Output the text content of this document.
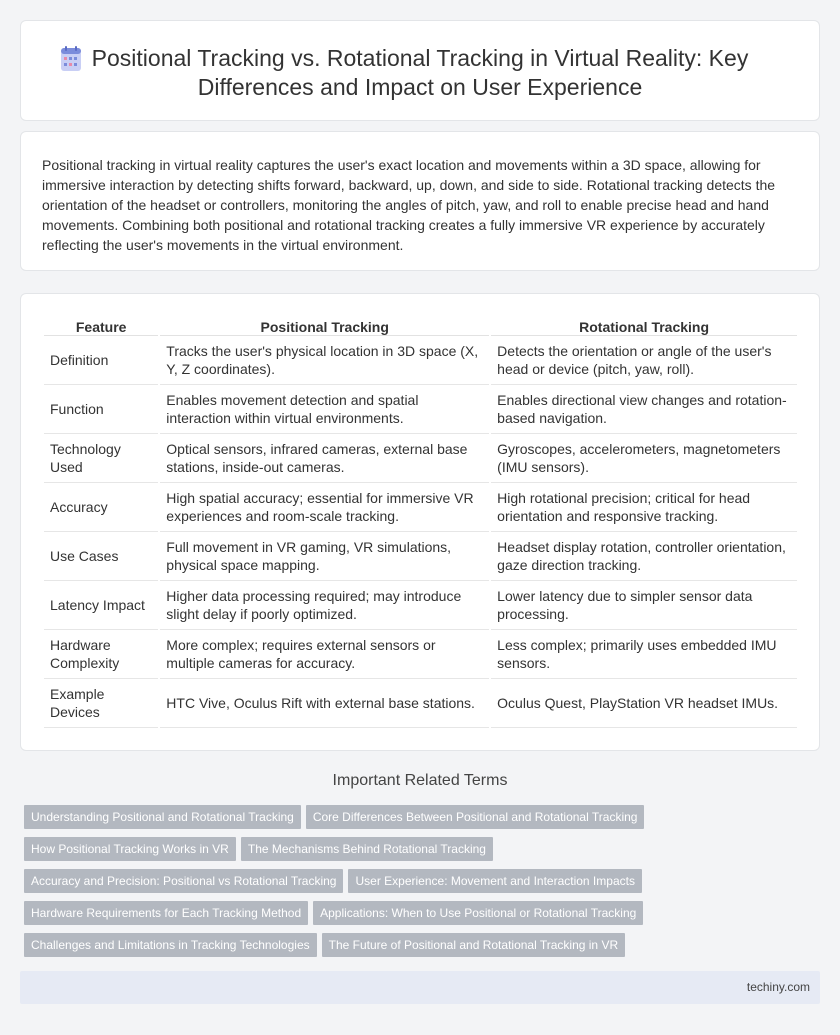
Positional Tracking vs. Rotational Tracking in Virtual Reality: Key
Differences and Impact on User Experience

Positional tracking in virtual reality captures the user's exact location and movements within a 3D space, allowing for immersive interaction by detecting shifts forward, backward, up, down, and side to side. Rotational tracking detects the orientation of the headset or controllers, monitoring the angles of pitch, yaw, and roll to enable precise head and hand movements. Combining both positional and rotational tracking creates a fully immersive VR experience by accurately reflecting the user's movements in the virtual environment.

Feature	Positional Tracking	Rotational Tracking
Definition	Tracks the user's physical location in 3D space (X, Y, Z coordinates).	Detects the orientation or angle of the user's head or device (pitch, yaw, roll).
Function	Enables movement detection and spatial interaction within virtual environments.	Enables directional view changes and rotation-based navigation.
Technology Used	Optical sensors, infrared cameras, external base stations, inside-out cameras.	Gyroscopes, accelerometers, magnetometers (IMU sensors).
Accuracy	High spatial accuracy; essential for immersive VR experiences and room-scale tracking.	High rotational precision; critical for head orientation and responsive tracking.
Use Cases	Full movement in VR gaming, VR simulations, physical space mapping.	Headset display rotation, controller orientation, gaze direction tracking.
Latency Impact	Higher data processing required; may introduce slight delay if poorly optimized.	Lower latency due to simpler sensor data processing.
Hardware Complexity	More complex; requires external sensors or multiple cameras for accuracy.	Less complex; primarily uses embedded IMU sensors.
Example Devices	HTC Vive, Oculus Rift with external base stations.	Oculus Quest, PlayStation VR headset IMUs.
Important Related Terms
Understanding Positional and Rotational Tracking Core Differences Between Positional and Rotational Tracking
How Positional Tracking Works in VR The Mechanisms Behind Rotational Tracking
Accuracy and Precision: Positional vs Rotational Tracking User Experience: Movement and Interaction Impacts
Hardware Requirements for Each Tracking Method Applications: When to Use Positional or Rotational Tracking
Challenges and Limitations in Tracking Technologies The Future of Positional and Rotational Tracking in VR
techiny.com
